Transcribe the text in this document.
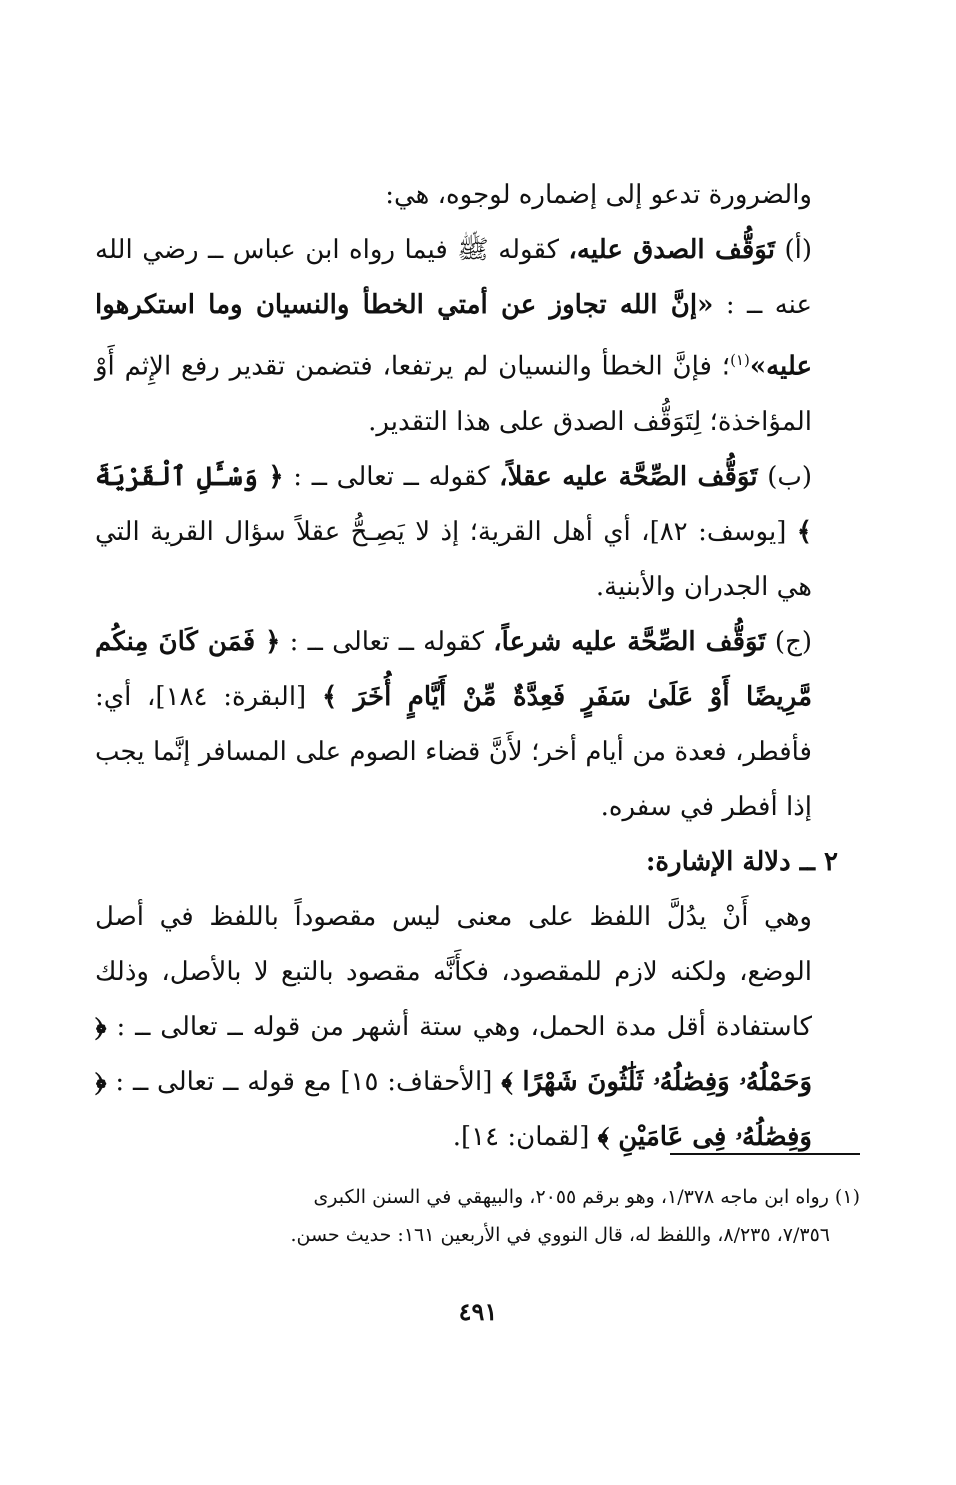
والضرورة تدعو إلى إضماره لوجوه، هي:

(أ) تَوَقُّف الصدق عليه، كقوله ﷺ فيما رواه ابن عباس ــ رضي الله عنه ــ : «إنَّ الله تجاوز عن أمتي الخطأ والنسيان وما استكرهوا عليه»$^{(١)}$؛ فإنَّ الخطأ والنسيان لم يرتفعا، فتضمن تقدير رفع الإِثم أَوْ المؤاخذة؛ لِتَوَقُّف الصدق على هذا التقدير.

(ب) تَوَقُّف الصِّحَّة عليه عقلاً، كقوله ــ تعالى ــ : ﴿ وَسْـَٔلِ ٱلْقَرْيَةَ ﴾ [يوسف: ٨٢]، أي أهل القرية؛ إذ لا يَصِـحُّ عقلاً سؤال القرية التي هي الجدران والأبنية.

(ج) تَوَقُّف الصِّحَّة عليه شرعاً، كقوله ــ تعالى ــ : ﴿ فَمَن كَانَ مِنكُم مَّرِيضًا أَوْ عَلَىٰ سَفَرٍ فَعِدَّةٌ مِّنْ أَيَّامٍ أُخَرَ ﴾ [البقرة: ١٨٤]، أي: فأفطر، فعدة من أيام أخر؛ لأَنَّ قضاء الصوم على المسافر إنَّما يجب إذا أفطر في سفره.

٢ ــ دلالة الإشارة:

وهي أَنْ يدُلَّ اللفظ على معنى ليس مقصوداً باللفظ في أصل الوضع، ولكنه لازم للمقصود، فكأَنَّه مقصود بالتبع لا بالأصل، وذلك كاستفادة أقل مدة الحمل، وهي ستة أشهر من قوله ــ تعالى ــ : ﴿ وَحَمْلُهُۥ وَفِصَٰلُهُۥ ثَلَٰثُونَ شَهْرًا ﴾ [الأحقاف: ١٥] مع قوله ــ تعالى ــ : ﴿ وَفِصَٰلُهُۥ فِى عَامَيْنِ ﴾ [لقمان: ١٤].

(١) رواه ابن ماجه ١/٣٧٨، وهو برقم ٢٠٥٥، والبيهقي في السنن الكبرى

٧/٣٥٦، ٨/٢٣٥، واللفظ له، قال النووي في الأربعين ١٦١: حديث حسن.

٤٩١
